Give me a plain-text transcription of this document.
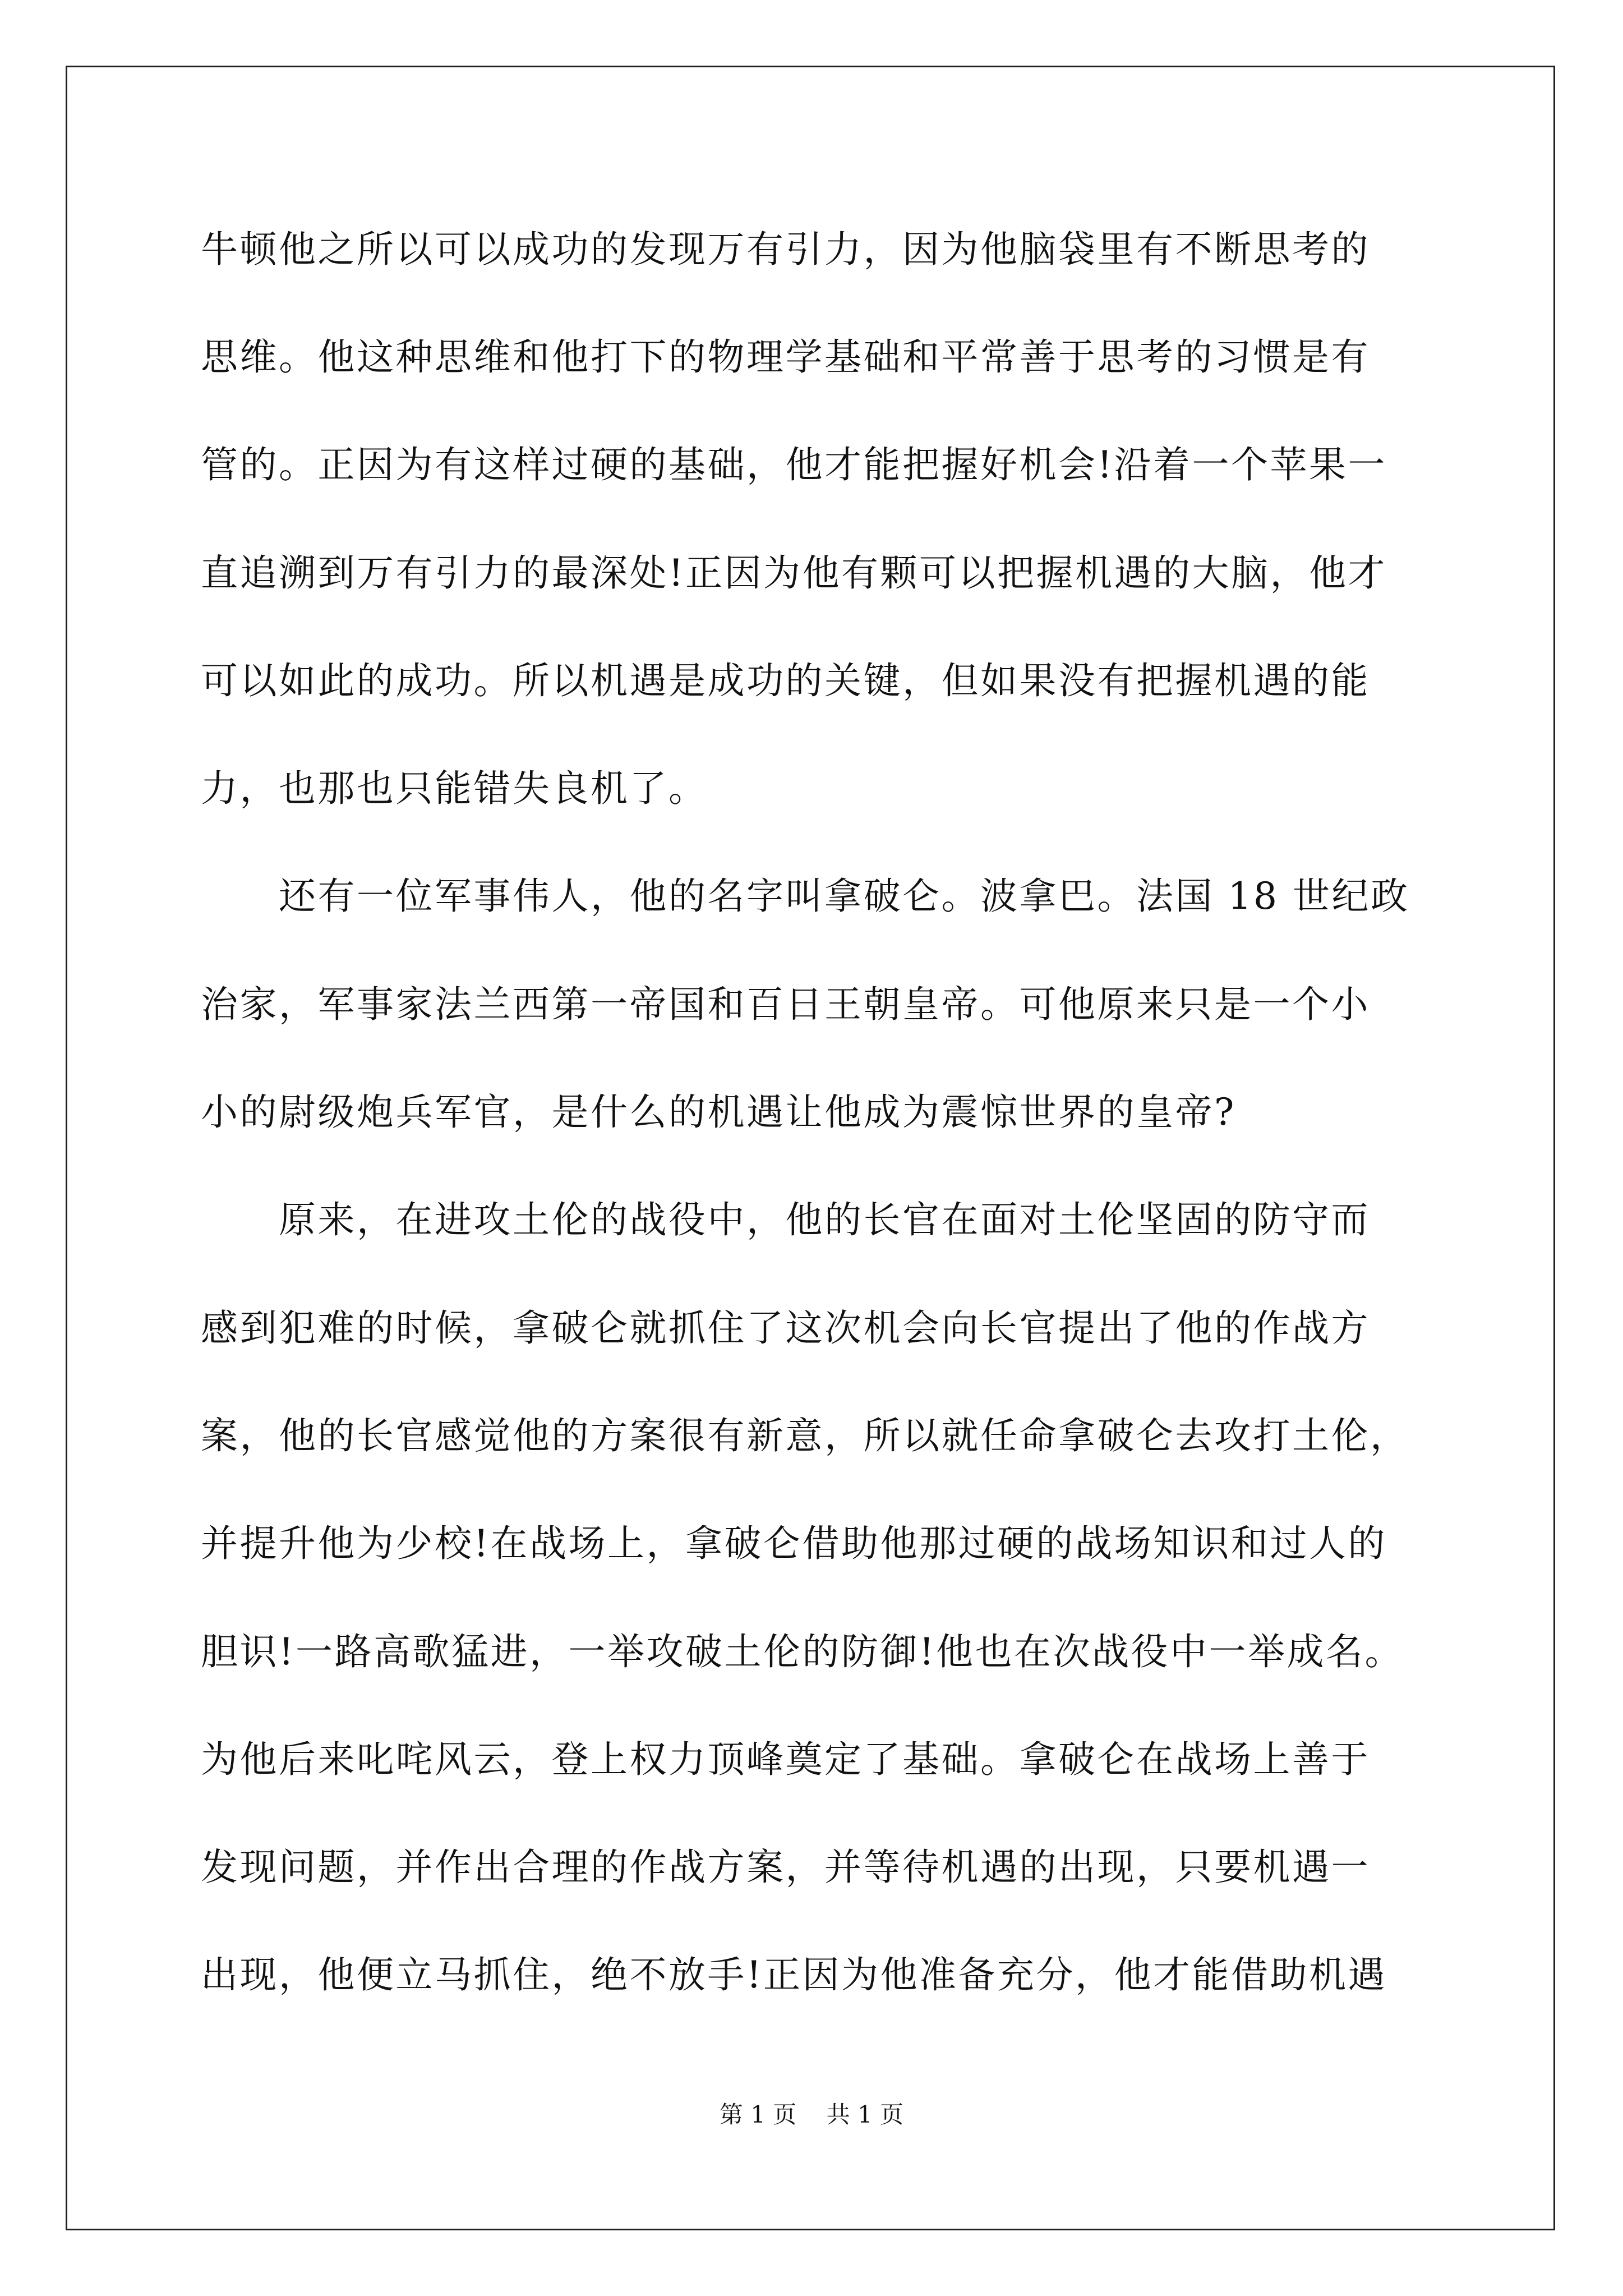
牛顿他之所以可以成功的发现万有引力，因为他脑袋里有不断思考的
思维。他这种思维和他打下的物理学基础和平常善于思考的习惯是有
管的。正因为有这样过硬的基础，他才能把握好机会!沿着一个苹果一
直追溯到万有引力的最深处!正因为他有颗可以把握机遇的大脑，他才
可以如此的成功。所以机遇是成功的关键，但如果没有把握机遇的能
力，也那也只能错失良机了。
　　还有一位军事伟人，他的名字叫拿破仑。波拿巴。法国 18 世纪政
治家，军事家法兰西第一帝国和百日王朝皇帝。可他原来只是一个小
小的尉级炮兵军官，是什么的机遇让他成为震惊世界的皇帝?
　　原来，在进攻土伦的战役中，他的长官在面对土伦坚固的防守而
感到犯难的时候，拿破仑就抓住了这次机会向长官提出了他的作战方
案，他的长官感觉他的方案很有新意，所以就任命拿破仑去攻打土伦，
并提升他为少校!在战场上，拿破仑借助他那过硬的战场知识和过人的
胆识!一路高歌猛进，一举攻破土伦的防御!他也在次战役中一举成名。
为他后来叱咤风云，登上权力顶峰奠定了基础。拿破仑在战场上善于
发现问题，并作出合理的作战方案，并等待机遇的出现，只要机遇一
出现，他便立马抓住，绝不放手!正因为他准备充分，他才能借助机遇
第 1 页    共 1 页
